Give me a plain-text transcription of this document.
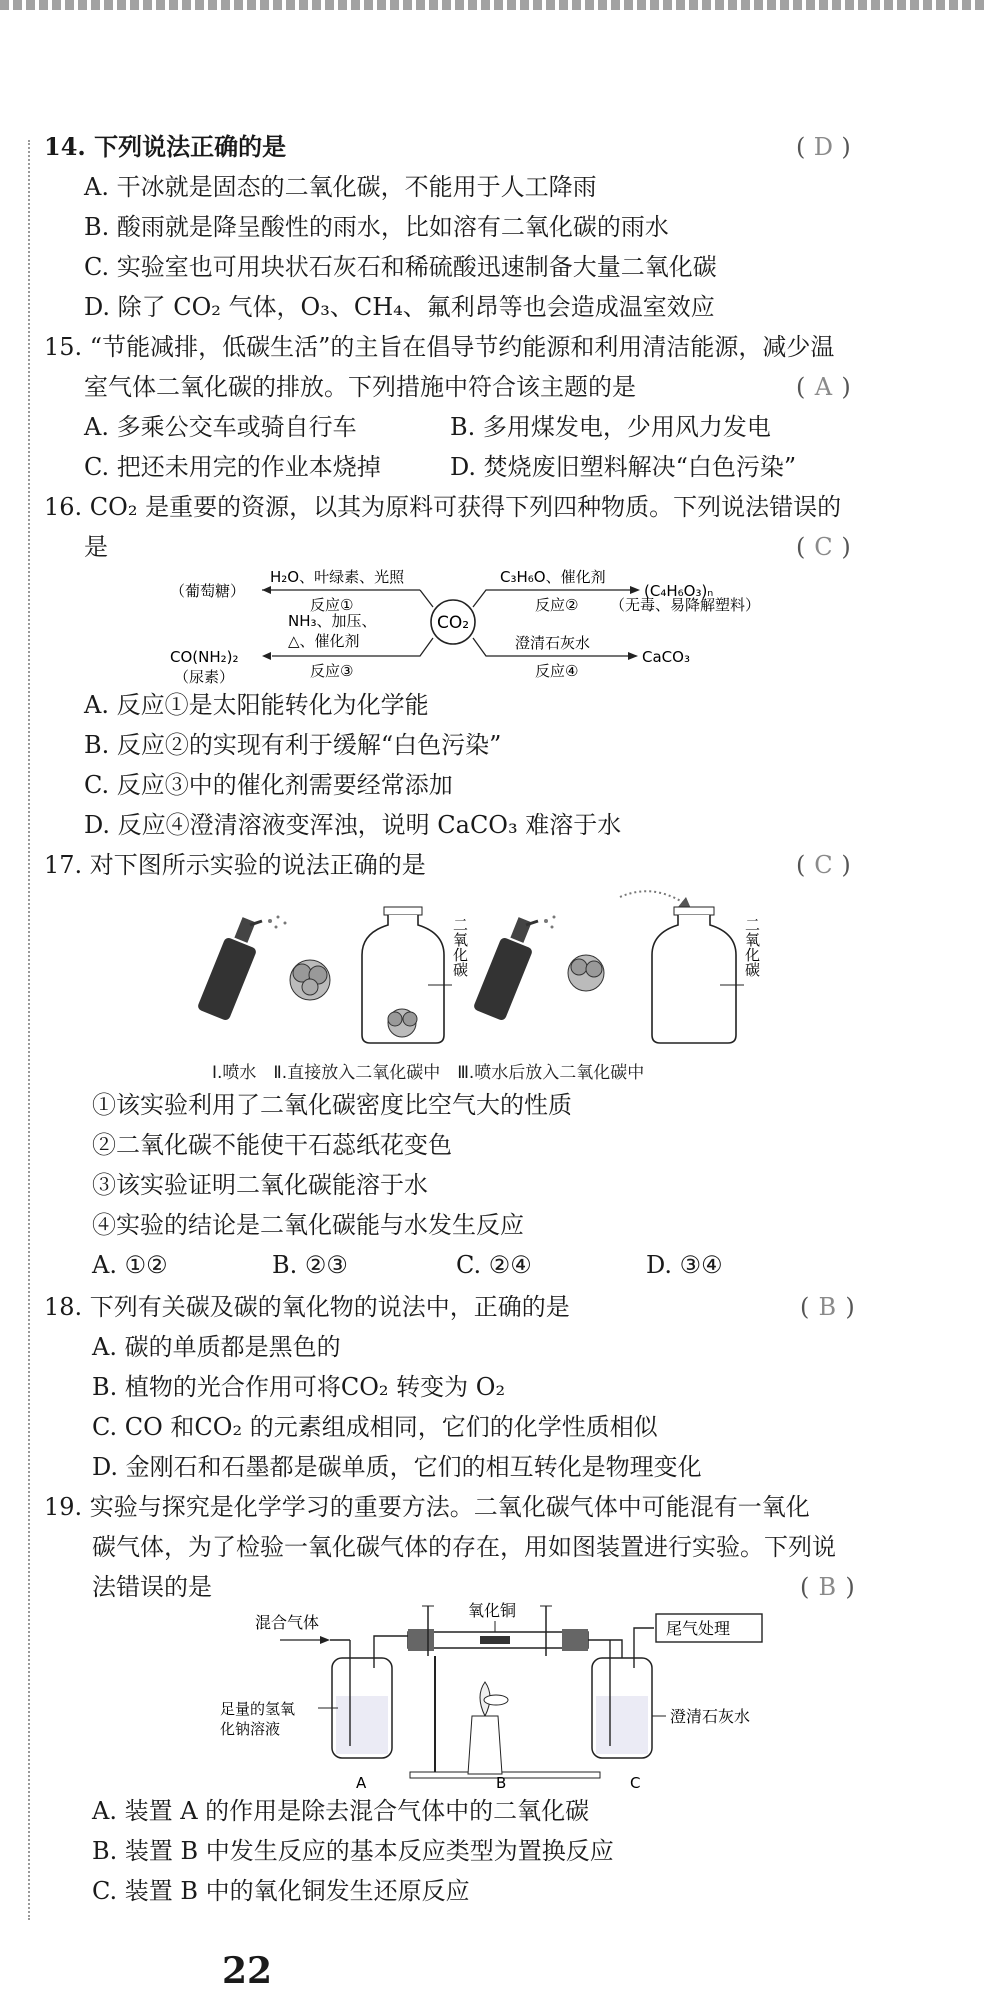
14. 下列说法正确的是	( D )
A. 干冰就是固态的二氧化碳，不能用于人工降雨
B. 酸雨就是降呈酸性的雨水，比如溶有二氧化碳的雨水
C. 实验室也可用块状石灰石和稀硫酸迅速制备大量二氧化碳
D. 除了 CO₂ 气体，O₃、CH₄、氟利昂等也会造成温室效应
15. “节能减排，低碳生活”的主旨在倡导节约能源和利用清洁能源，减少温
室气体二氧化碳的排放。下列措施中符合该主题的是	( A )
A. 多乘公交车或骑自行车	B. 多用煤发电，少用风力发电
C. 把还未用完的作业本烧掉	D. 焚烧废旧塑料解决“白色污染”
16. CO₂ 是重要的资源，以其为原料可获得下列四种物质。下列说法错误的
是	( C )
CO₂
（葡萄糖）
H₂O、叶绿素、光照
反应①
C₃H₆O、催化剂
(C₄H₆O₃)ₙ
反应② （无毒、易降解塑料）
NH₃、加压、
△、催化剂
反应③
CO(NH₂)₂
（尿素）
澄清石灰水
反应④
CaCO₃
A. 反应①是太阳能转化为化学能
B. 反应②的实现有利于缓解“白色污染”
C. 反应③中的催化剂需要经常添加
D. 反应④澄清溶液变浑浊，说明 CaCO₃ 难溶于水
17. 对下图所示实验的说法正确的是	( C )
二氧化碳	二氧化碳
Ⅰ.喷水　Ⅱ.直接放入二氧化碳中　Ⅲ.喷水后放入二氧化碳中
①该实验利用了二氧化碳密度比空气大的性质
②二氧化碳不能使干石蕊纸花变色
③该实验证明二氧化碳能溶于水
④实验的结论是二氧化碳能与水发生反应
A. ①②	B. ②③	C. ②④	D. ③④
18. 下列有关碳及碳的氧化物的说法中，正确的是	( B )
A. 碳的单质都是黑色的
B. 植物的光合作用可将CO₂ 转变为 O₂
C. CO 和CO₂ 的元素组成相同，它们的化学性质相似
D. 金刚石和石墨都是碳单质，它们的相互转化是物理变化
19. 实验与探究是化学学习的重要方法。二氧化碳气体中可能混有一氧化
碳气体，为了检验一氧化碳气体的存在，用如图装置进行实验。下列说
法错误的是	( B )
混合气体
氧化铜
尾气处理
澄清石灰水
足量的氢氧
化钠溶液
A	B	C
A. 装置 A 的作用是除去混合气体中的二氧化碳
B. 装置 B 中发生反应的基本反应类型为置换反应
C. 装置 B 中的氧化铜发生还原反应
22
